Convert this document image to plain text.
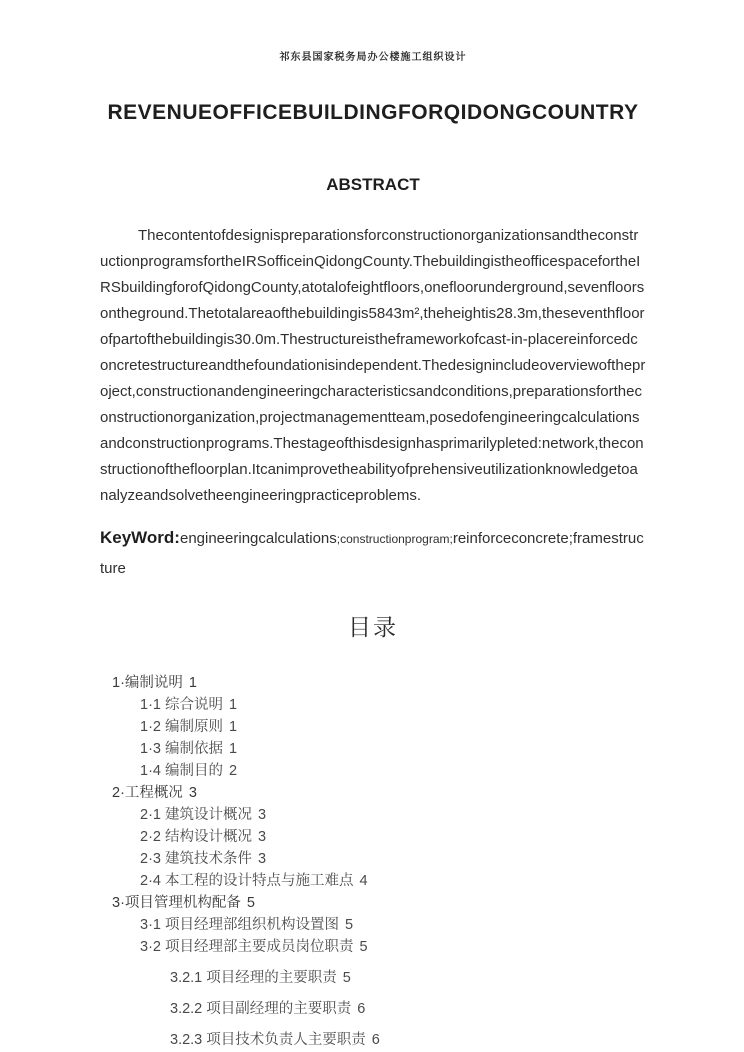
祁东县国家税务局办公楼施工组织设计
REVENUEOFFICEBUILDINGFORQIDONGCOUNTRY
ABSTRACT

ThecontentofdesignispreparationsforconstructionorganizationsandtheconstructionprogramsfortheIRSofficeinQidongCounty.ThebuildingistheofficespacefortheIRSbuildingforofQidongCounty,atotalofeightfloors,onefloorunderground,sevenfloorsontheground.Thetotalareaofthebuildingis5843m²,theheightis28.3m,theseventhfloorofpartofthebuildingis30.0m.Thestructureistheframeworkofcast-in-placereinforcedconcretestructureandthefoundationisindependent.Thedesignincludeoverviewoftheproject,constructionandengineeringcharacteristicsandconditions,preparationsfortheconstructionorganization,projectmanagementteam,posedofengineeringcalculationsandconstructionprograms.Thestageofthisdesignhasprimarilypleted:network,theconstructionofthefloorplan.Itcanimprovetheabilityofprehensiveutilizationknowledgetoanalyzeandsolvetheengineeringpracticeproblems.

KeyWord:engineeringcalculations;constructionprogram;reinforceconcrete;framestructure

目录
1·编制说明 1
1·1 综合说明 1
1·2 编制原则 1
1·3 编制依据 1
1·4 编制目的 2
2·工程概况 3
2·1 建筑设计概况 3
2·2 结构设计概况 3
2·3 建筑技术条件 3
2·4 本工程的设计特点与施工难点 4
3·项目管理机构配备 5
3·1 项目经理部组织机构设置图 5
3·2 项目经理部主要成员岗位职责 5
3.2.1 项目经理的主要职责 5
3.2.2 项目副经理的主要职责 6
3.2.3 项目技术负责人主要职责 6
